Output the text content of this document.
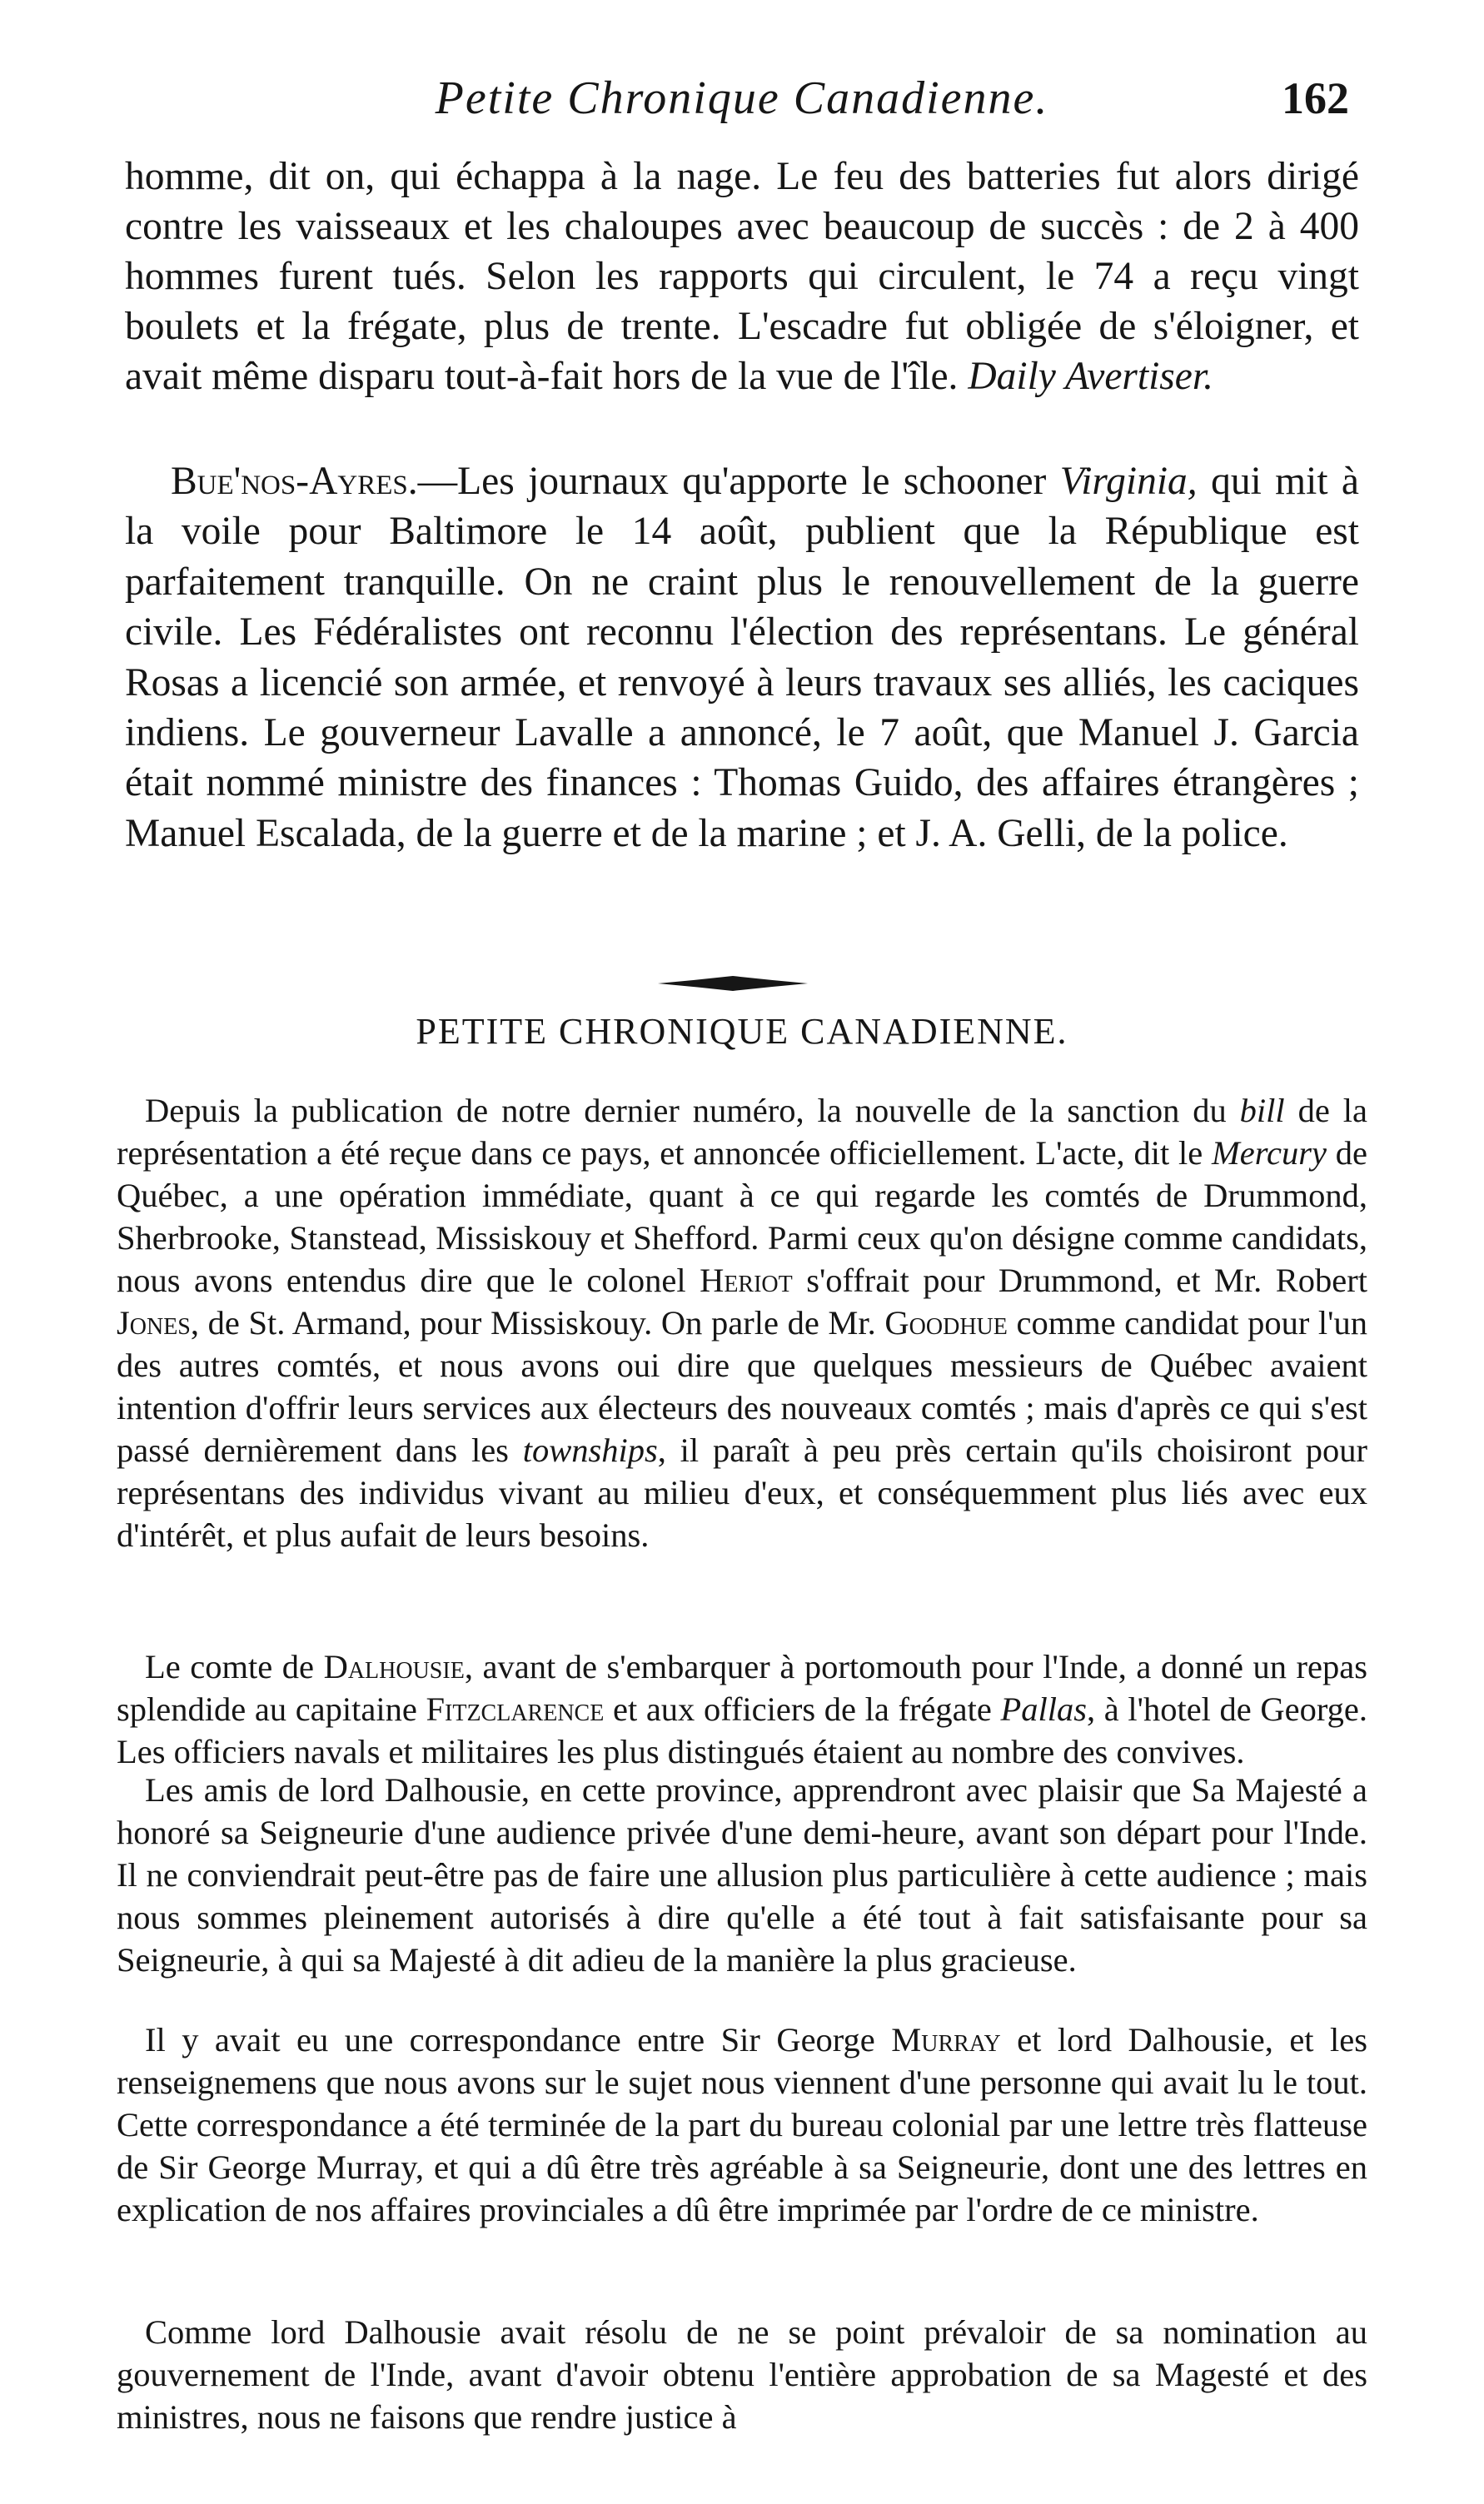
Petite Chronique Canadienne.	162

homme, dit on, qui échappa à la nage. Le feu des batteries fut alors dirigé contre les vaisseaux et les chaloupes avec beaucoup de succès : de 2 à 400 hommes furent tués. Selon les rapports qui circulent, le 74 a reçu vingt boulets et la frégate, plus de trente. L'escadre fut obligée de s'éloigner, et avait même disparu tout-à-fait hors de la vue de l'île. Daily Avertiser.

Bue'nos-Ayres.—Les journaux qu'apporte le schooner Virginia, qui mit à la voile pour Baltimore le 14 août, publient que la République est parfaitement tranquille. On ne craint plus le renouvellement de la guerre civile. Les Fédéralistes ont reconnu l'élection des représentans. Le général Rosas a licencié son armée, et renvoyé à leurs travaux ses alliés, les caciques indiens. Le gouverneur Lavalle a annoncé, le 7 août, que Manuel J. Garcia était nommé ministre des finances : Thomas Guido, des affaires étrangères ; Manuel Escalada, de la guerre et de la marine ; et J. A. Gelli, de la police.

PETITE CHRONIQUE CANADIENNE.

Depuis la publication de notre dernier numéro, la nouvelle de la sanction du bill de la représentation a été reçue dans ce pays, et annoncée officiellement. L'acte, dit le Mercury de Québec, a une opération immédiate, quant à ce qui regarde les comtés de Drummond, Sherbrooke, Stanstead, Missiskouy et Shefford. Parmi ceux qu'on désigne comme candidats, nous avons entendus dire que le colonel Heriot s'offrait pour Drummond, et Mr. Robert Jones, de St. Armand, pour Missiskouy. On parle de Mr. Goodhue comme candidat pour l'un des autres comtés, et nous avons oui dire que quelques messieurs de Québec avaient intention d'offrir leurs services aux électeurs des nouveaux comtés ; mais d'après ce qui s'est passé dernièrement dans les townships, il paraît à peu près certain qu'ils choisiront pour représentans des individus vivant au milieu d'eux, et conséquemment plus liés avec eux d'intérêt, et plus aufait de leurs besoins.

Le comte de Dalhousie, avant de s'embarquer à portomouth pour l'Inde, a donné un repas splendide au capitaine Fitzclarence et aux officiers de la frégate Pallas, à l'hotel de George. Les officiers navals et militaires les plus distingués étaient au nombre des convives.

Les amis de lord Dalhousie, en cette province, apprendront avec plaisir que Sa Majesté a honoré sa Seigneurie d'une audience privée d'une demi-heure, avant son départ pour l'Inde. Il ne conviendrait peut-être pas de faire une allusion plus particulière à cette audience ; mais nous sommes pleinement autorisés à dire qu'elle a été tout à fait satisfaisante pour sa Seigneurie, à qui sa Majesté à dit adieu de la manière la plus gracieuse.

Il y avait eu une correspondance entre Sir George Murray et lord Dalhousie, et les renseignemens que nous avons sur le sujet nous viennent d'une personne qui avait lu le tout. Cette correspondance a été terminée de la part du bureau colonial par une lettre très flatteuse de Sir George Murray, et qui a dû être très agréable à sa Seigneurie, dont une des lettres en explication de nos affaires provinciales a dû être imprimée par l'ordre de ce ministre.

Comme lord Dalhousie avait résolu de ne se point prévaloir de sa nomination au gouvernement de l'Inde, avant d'avoir obtenu l'entière approbation de sa Magesté et des ministres, nous ne faisons que rendre justice à
